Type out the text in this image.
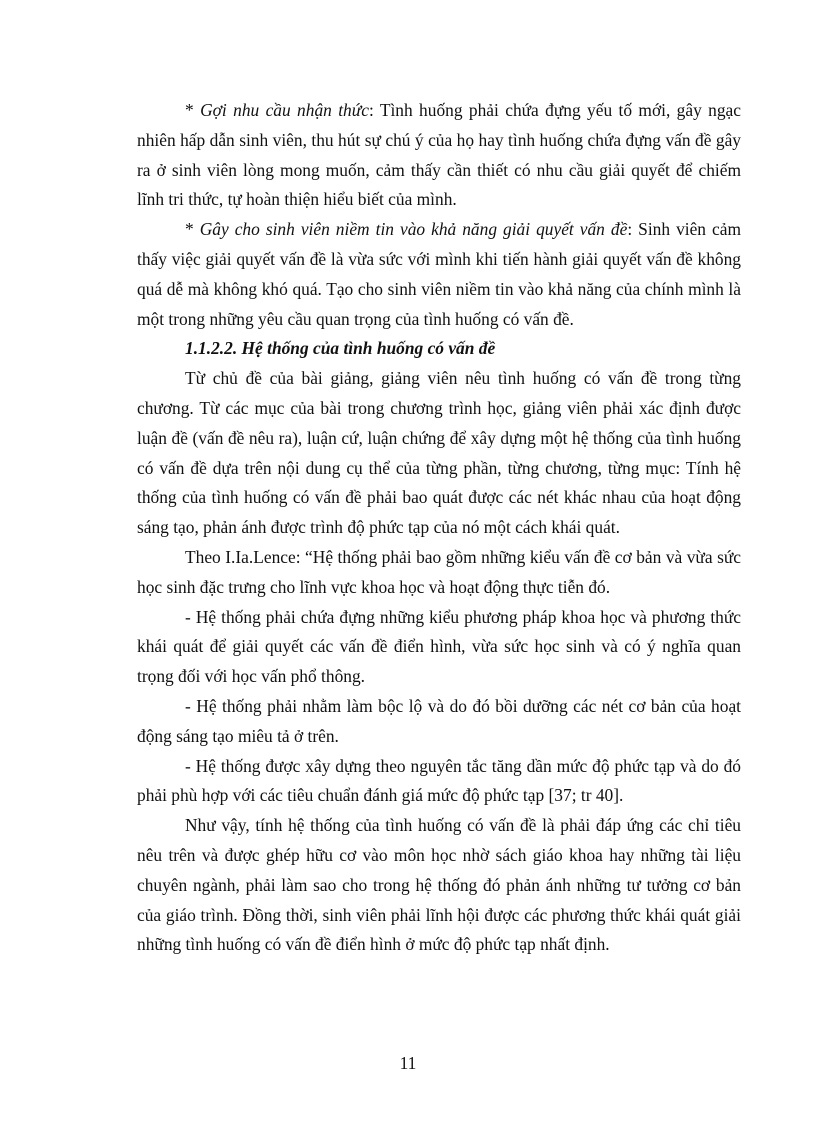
* Gợi nhu cầu nhận thức: Tình huống phải chứa đựng yếu tố mới, gây ngạc nhiên hấp dẫn sinh viên, thu hút sự chú ý của họ hay tình huống chứa đựng vấn đề gây ra ở sinh viên lòng mong muốn, cảm thấy cần thiết có nhu cầu giải quyết để chiếm lĩnh tri thức, tự hoàn thiện hiểu biết của mình.

* Gây cho sinh viên niềm tin vào khả năng giải quyết vấn đề: Sinh viên cảm thấy việc giải quyết vấn đề là vừa sức với mình khi tiến hành giải quyết vấn đề không quá dễ mà không khó quá. Tạo cho sinh viên niềm tin vào khả năng của chính mình là một trong những yêu cầu quan trọng của tình huống có vấn đề.

1.1.2.2. Hệ thống của tình huống có vấn đề

Từ chủ đề của bài giảng, giảng viên nêu tình huống có vấn đề trong từng chương. Từ các mục của bài trong chương trình học, giảng viên phải xác định được luận đề (vấn đề nêu ra), luận cứ, luận chứng để xây dựng một hệ thống của tình huống có vấn đề dựa trên nội dung cụ thể của từng phần, từng chương, từng mục: Tính hệ thống của tình huống có vấn đề phải bao quát được các nét khác nhau của hoạt động sáng tạo, phản ánh được trình độ phức tạp của nó một cách khái quát.

Theo I.Ia.Lence: “Hệ thống phải bao gồm những kiểu vấn đề cơ bản và vừa sức học sinh đặc trưng cho lĩnh vực khoa học và hoạt động thực tiễn đó.

- Hệ thống phải chứa đựng những kiểu phương pháp khoa học và phương thức khái quát để giải quyết các vấn đề điển hình, vừa sức học sinh và có ý nghĩa quan trọng đối với học vấn phổ thông.

- Hệ thống phải nhằm làm bộc lộ và do đó bồi dưỡng các nét cơ bản của hoạt động sáng tạo miêu tả ở trên.

- Hệ thống được xây dựng theo nguyên tắc tăng dần mức độ phức tạp và do đó phải phù hợp với các tiêu chuẩn đánh giá mức độ phức tạp [37; tr 40].

Như vậy, tính hệ thống của tình huống có vấn đề là phải đáp ứng các chỉ tiêu nêu trên và được ghép hữu cơ vào môn học nhờ sách giáo khoa hay những tài liệu chuyên ngành, phải làm sao cho trong hệ thống đó phản ánh những tư tưởng cơ bản của giáo trình. Đồng thời, sinh viên phải lĩnh hội được các phương thức khái quát giải những tình huống có vấn đề điển hình ở mức độ phức tạp nhất định.

11
